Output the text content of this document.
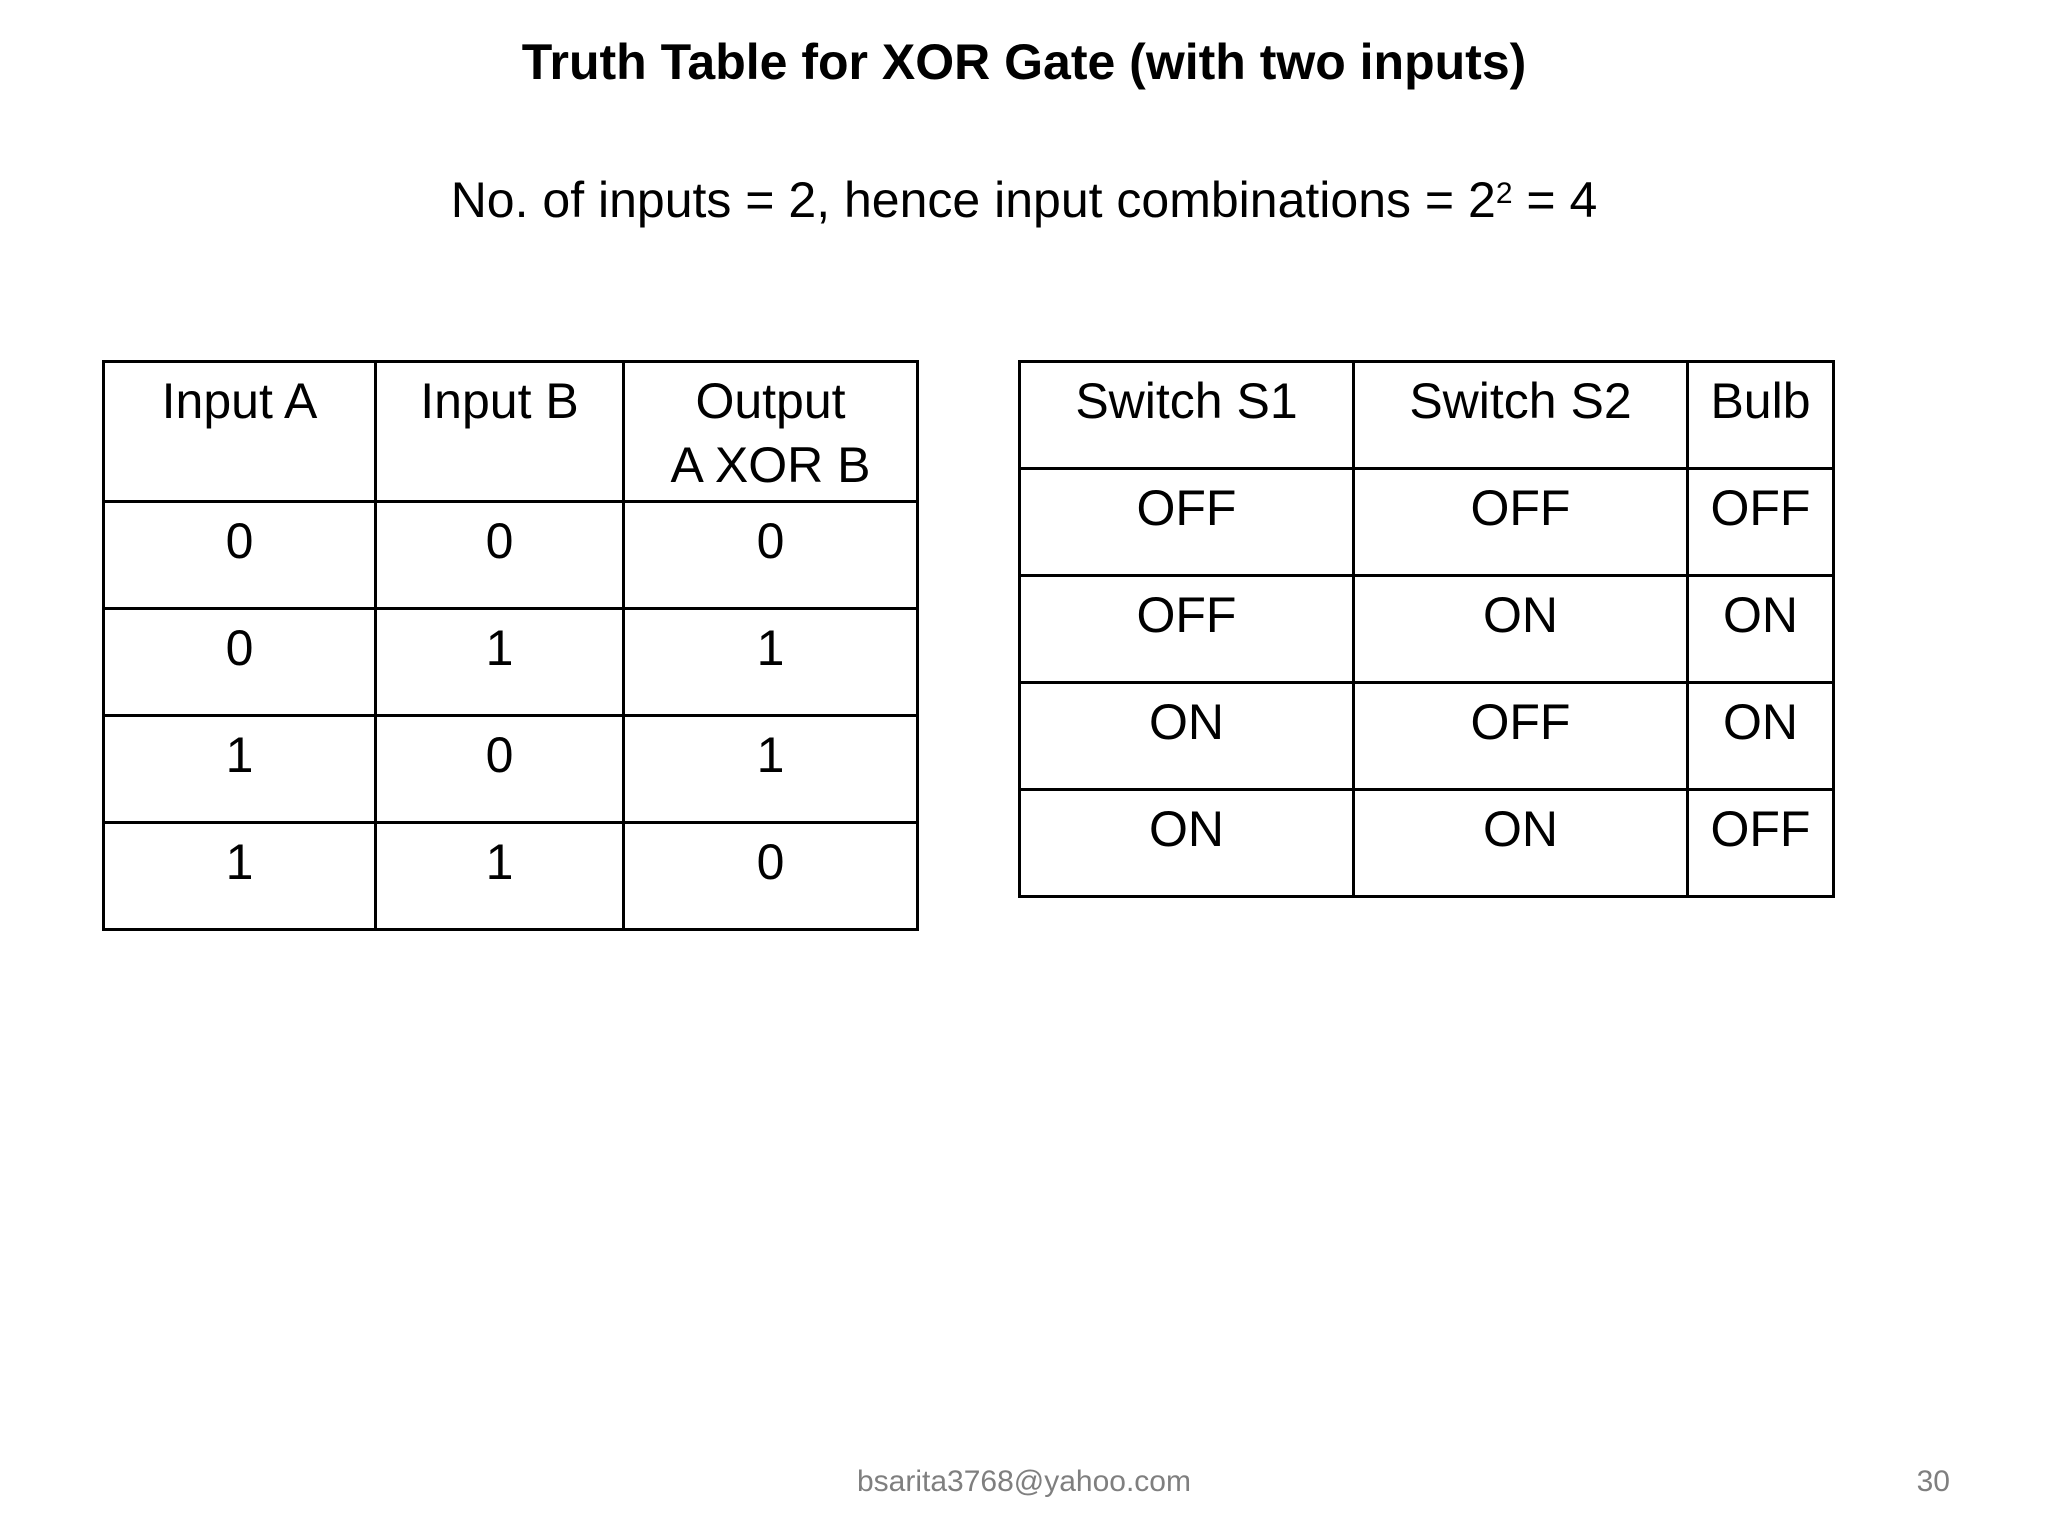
Truth Table for XOR Gate (with two inputs)

No. of inputs = 2, hence input combinations = $2^2 = 4$

Input A	Input B	Output
A XOR B
0	0	0
0	1	1
1	0	1
1	1	0
Switch S1	Switch S2	Bulb
OFF	OFF	OFF
OFF	ON	ON
ON	OFF	ON
ON	ON	OFF
bsarita3768@yahoo.com	30
